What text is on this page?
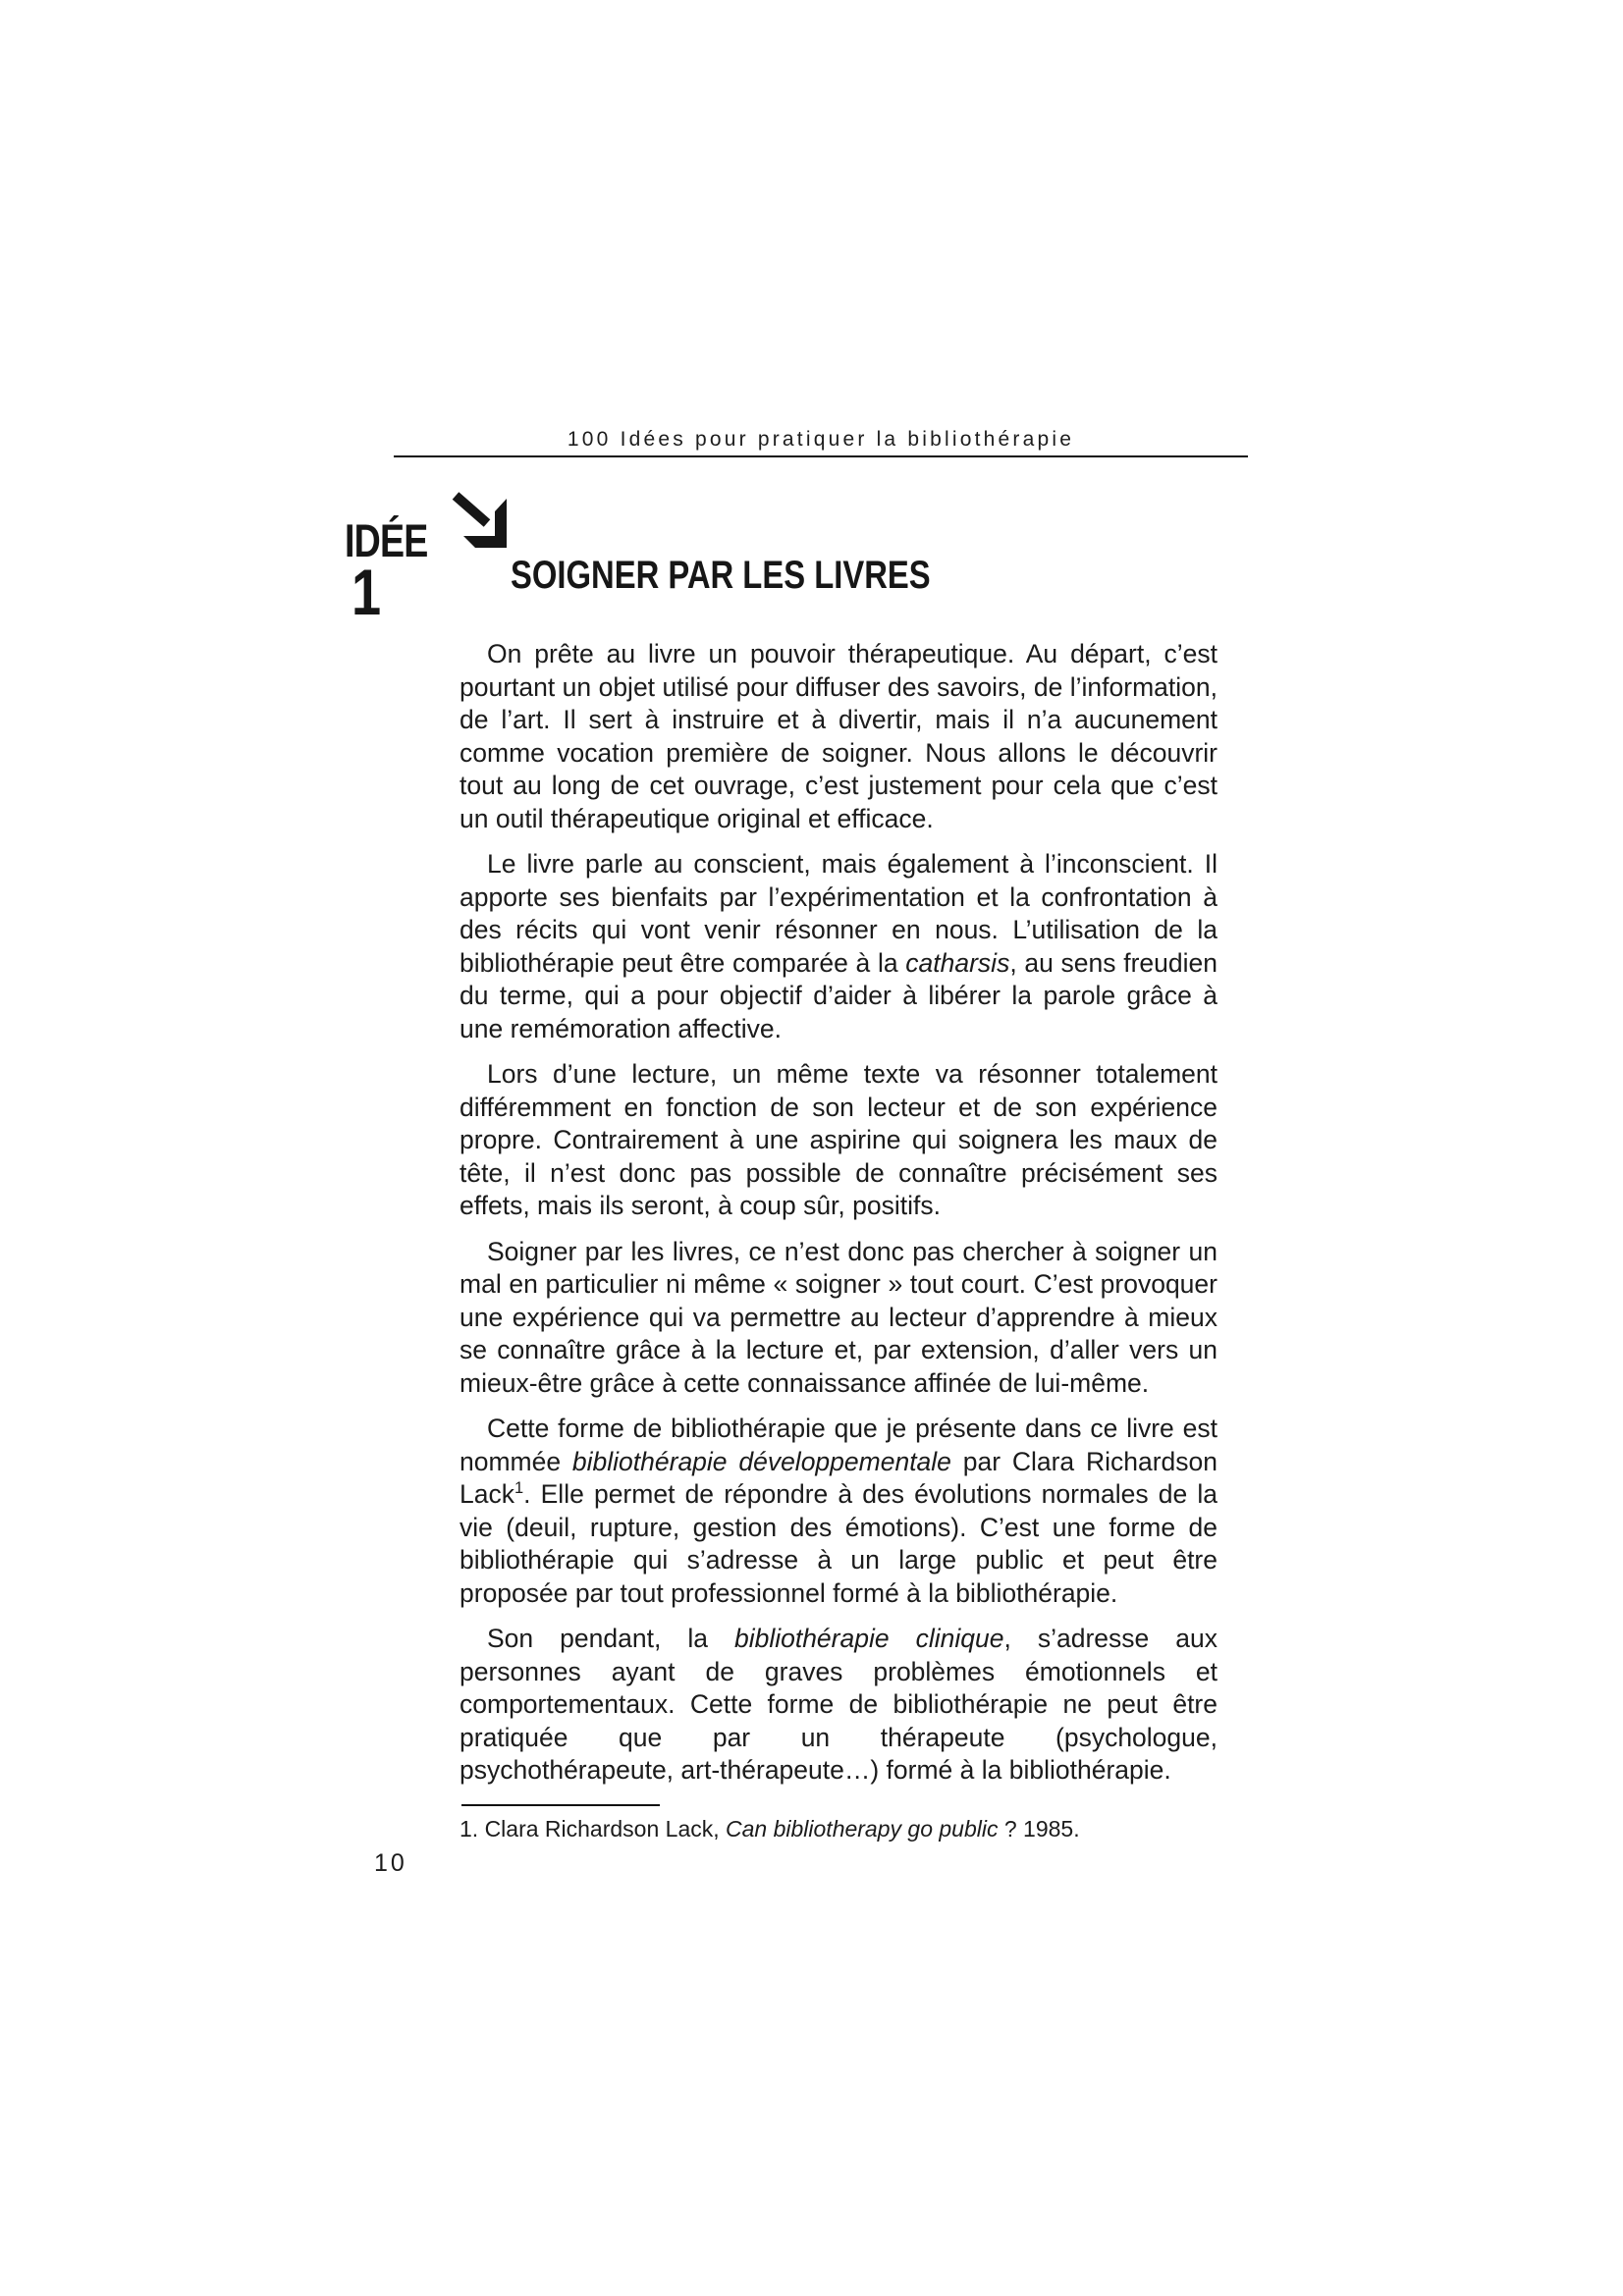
100 Idées pour pratiquer la bibliothérapie
IDÉE
1	SOIGNER PAR LES LIVRES

On prête au livre un pouvoir thérapeutique. Au départ, c’est pourtant un objet utilisé pour diffuser des savoirs, de l’information, de l’art. Il sert à instruire et à divertir, mais il n’a aucunement comme vocation première de soigner. Nous allons le découvrir tout au long de cet ouvrage, c’est justement pour cela que c’est un outil thérapeutique original et efficace.

Le livre parle au conscient, mais également à l’inconscient. Il apporte ses bienfaits par l’expérimentation et la confrontation à des récits qui vont venir résonner en nous. L’utilisation de la bibliothérapie peut être comparée à la catharsis, au sens freudien du terme, qui a pour objectif d’aider à libérer la parole grâce à une remémoration affective.

Lors d’une lecture, un même texte va résonner totalement différemment en fonction de son lecteur et de son expérience propre. Contrairement à une aspirine qui soignera les maux de tête, il n’est donc pas possible de connaître précisément ses effets, mais ils seront, à coup sûr, positifs.

Soigner par les livres, ce n’est donc pas chercher à soigner un mal en particulier ni même « soigner » tout court. C’est provoquer une expérience qui va permettre au lecteur d’apprendre à mieux se connaître grâce à la lecture et, par extension, d’aller vers un mieux-être grâce à cette connaissance affinée de lui-même.

Cette forme de bibliothérapie que je présente dans ce livre est nommée bibliothérapie développementale par Clara Richardson Lack$^1$. Elle permet de répondre à des évolutions normales de la vie (deuil, rupture, gestion des émotions). C’est une forme de bibliothérapie qui s’adresse à un large public et peut être proposée par tout professionnel formé à la bibliothérapie.

Son pendant, la bibliothérapie clinique, s’adresse aux personnes ayant de graves problèmes émotionnels et comportementaux. Cette forme de bibliothérapie ne peut être pratiquée que par un thérapeute (psychologue, psychothérapeute, art-thérapeute…) formé à la bibliothérapie.

1. Clara Richardson Lack, Can bibliotherapy go public ? 1985.
10
